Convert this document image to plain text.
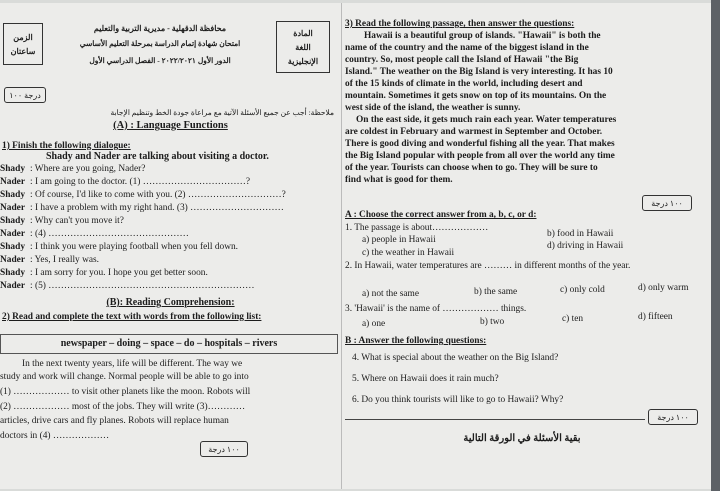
الزمن
ساعتان
محافظة الدقهلية - مديرية التربية والتعليم
امتحان شهادة إتمام الدراسة بمرحلة التعليم الأساسي
الدور الأول ٢٠٢٢/٢٠٢١ - الفصل الدراسي الأول
المادة
اللغة
الإنجليزية
درجة ١٠٠
ملاحظة: أجب عن جميع الأسئلة الآتية مع مراعاة جودة الخط وتنظيم الإجابة
(A) : Language Functions
1) Finish the following dialogue:
Shady and Nader are talking about visiting a doctor.
Shady : Where are you going, Nader?
Nader : I am going to the doctor. (1) ……………………………?
Shady : Of course, I'd like to come with you. (2) …………………………?
Nader : I have a problem with my right hand. (3) …………………………
Shady : Why can't you move it?
Nader : (4) ………………………………………
Shady : I think you were playing football when you fell down.
Nader : Yes, I really was.
Shady : I am sorry for you. I hope you get better soon.
Nader : (5) …………………………………………………………
(B): Reading Comprehension:
2) Read and complete the text with words from the following list:
newspaper – doing – space – do – hospitals – rivers
In the next twenty years, life will be different. The way we
study and work will change. Normal people will be able to go into
(1) ……………… to visit other planets like the moon. Robots will
(2) ……………… most of the jobs. They will write (3)…………
articles, drive cars and fly planes. Robots will replace human
doctors in (4) ………………
١٠٠ درجة
3) Read the following passage, then answer the questions:
Hawaii is a beautiful group of islands. "Hawaii" is both the
name of the country and the name of the biggest island in the
country. So, most people call the Island of Hawaii "the Big
Island." The weather on the Big Island is very interesting. It has 10
of the 15 kinds of climate in the world, including desert and
mountain. Sometimes it gets snow on top of its mountains. On the
west side of the island, the weather is sunny.
On the east side, it gets much rain each year. Water temperatures
are coldest in February and warmest in September and October.
There is good diving and wonderful fishing all the year. That makes
the Big Island popular with people from all over the world any time
of the year. Tourists can choose when to go. They will be sure to
find what is good for them.
١٠٠ درجة
A : Choose the correct answer from a, b, c, or d:
1. The passage is about………………
a) people in Hawaii
b) food in Hawaii
c) the weather in Hawaii
d) driving in Hawaii
2. In Hawaii, water temperatures are ……… in different months of the year.
a) not the same	b) the same	c) only cold	d) only warm
3. 'Hawaii' is the name of ……………… things.
a) one	b) two	c) ten	d) fifteen
B : Answer the following questions:
4. What is special about the weather on the Big Island?
5. Where on Hawaii does it rain much?
6. Do you think tourists will like to go to Hawaii? Why?
١٠٠ درجة
بقية الأسئلة في الورقة التالية
